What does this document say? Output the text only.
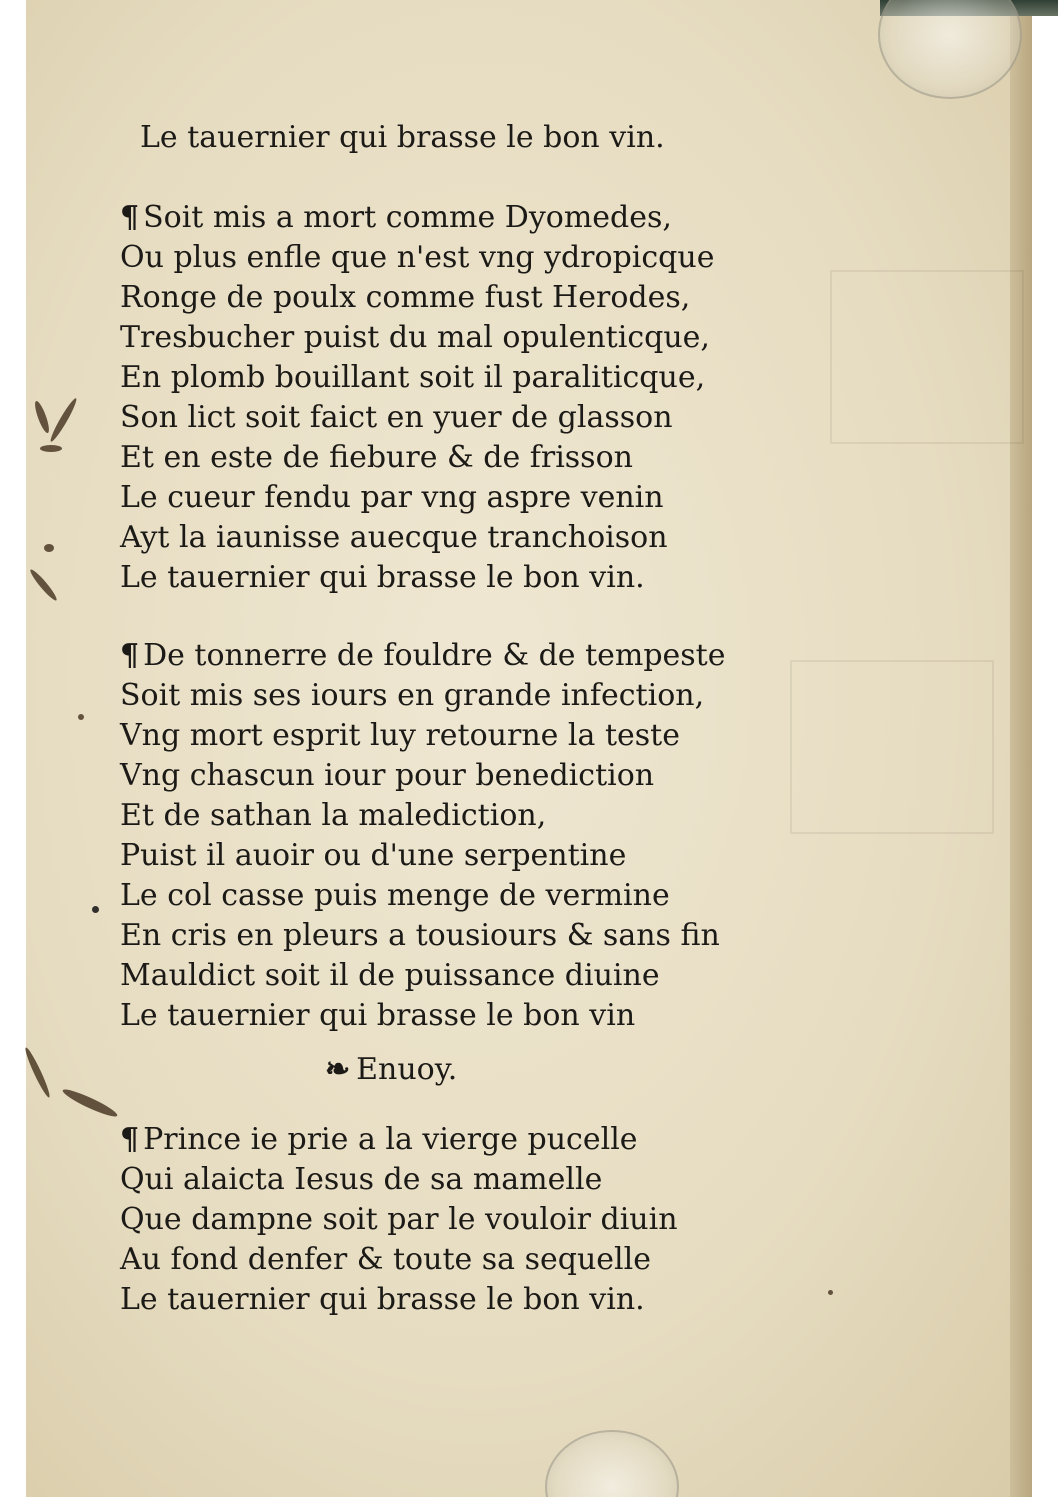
Le tauernier qui brasse le bon vin.
¶ Soit mis a mort comme Dyomedes,
Ou plus enfle que n'est vng ydropicque
Ronge de poulx comme fust Herodes,
Tresbucher puist du mal opulenticque,
En plomb bouillant soit il paraliticque,
Son lict soit faict en yuer de glasson
Et en este de fiebure & de frisson
Le cueur fendu par vng aspre venin
Ayt la iaunisse auecque tranchoison
Le tauernier qui brasse le bon vin.
¶ De tonnerre de fouldre & de tempeste
Soit mis ses iours en grande infection,
Vng mort esprit luy retourne la teste
Vng chascun iour pour benediction
Et de sathan la malediction,
Puist il auoir ou d'une serpentine
Le col casse puis menge de vermine
En cris en pleurs a tousiours & sans fin
Mauldict soit il de puissance diuine
Le tauernier qui brasse le bon vin
❧ Enuoy.
¶ Prince ie prie a la vierge pucelle
Qui alaicta Iesus de sa mamelle
Que dampne soit par le vouloir diuin
Au fond denfer & toute sa sequelle
Le tauernier qui brasse le bon vin.
